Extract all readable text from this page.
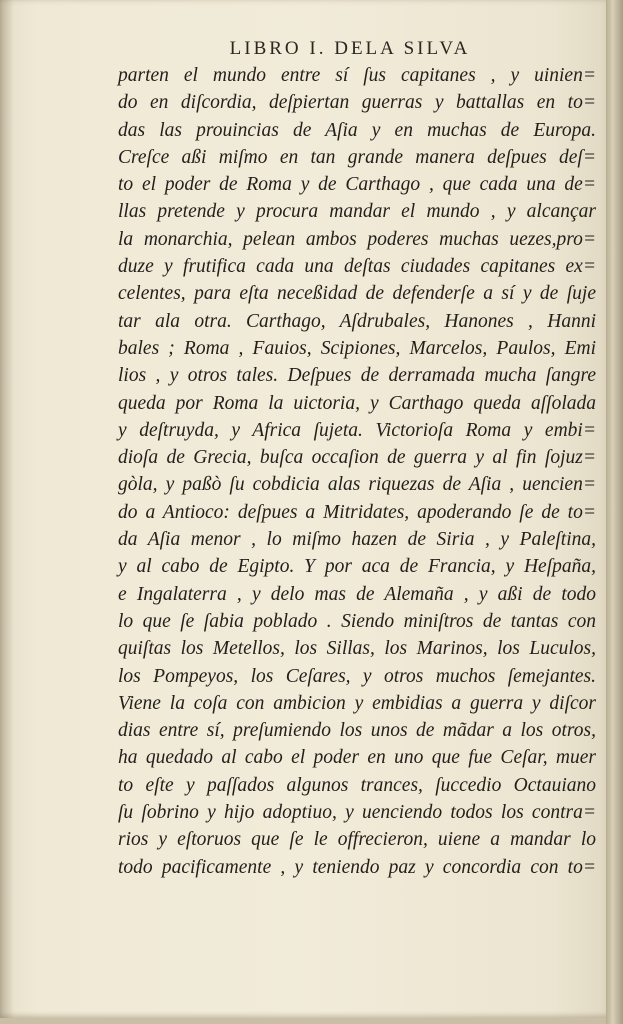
LIBRO I. DELA SILVA
parten el mundo entre sí ſus capitanes , y uinien=
do en diſcordia, deſpiertan guerras y battallas en to=
das las prouincias de Aſia y en muchas de Europa.
Creſce aßi miſmo en tan grande manera deſpues deſ=
to el poder de Roma y de Carthago , que cada una de=
llas pretende y procura mandar el mundo , y alcançar
la monarchia, pelean ambos poderes muchas uezes,pro=
duze y frutifica cada una deſtas ciudades capitanes ex=
celentes, para eſta neceßidad de defenderſe a sí y de ſuje
tar ala otra. Carthago, Aſdrubales, Hanones , Hanni
bales ; Roma , Fauios, Scipiones, Marcelos, Paulos, Emi
lios , y otros tales. Deſpues de derramada mucha ſangre
queda por Roma la uictoria, y Carthago queda aſſolada
y deſtruyda, y Africa ſujeta. Victorioſa Roma y embi=
dioſa de Grecia, buſca occaſion de guerra y al fin ſojuz=
gòla, y paßò ſu cobdicia alas riquezas de Aſia , uencien=
do a Antioco: deſpues a Mitridates, apoderando ſe de to=
da Aſia menor , lo miſmo hazen de Siria , y Paleſtina,
y al cabo de Egipto. Y por aca de Francia, y Heſpaña,
e Ingalaterra , y delo mas de Alemaña , y aßi de todo
lo que ſe ſabia poblado . Siendo miniſtros de tantas con
quiſtas los Metellos, los Sillas, los Marinos, los Luculos,
los Pompeyos, los Ceſares, y otros muchos ſemejantes.
Viene la coſa con ambicion y embidias a guerra y diſcor
dias entre sí, preſumiendo los unos de mãdar a los otros,
ha quedado al cabo el poder en uno que fue Ceſar, muer
to eſte y paſſados algunos trances, ſuccedio Octauiano
ſu ſobrino y hijo adoptiuo, y uenciendo todos los contra=
rios y eſtoruos que ſe le offrecieron, uiene a mandar lo
todo pacificamente , y teniendo paz y concordia con to=
